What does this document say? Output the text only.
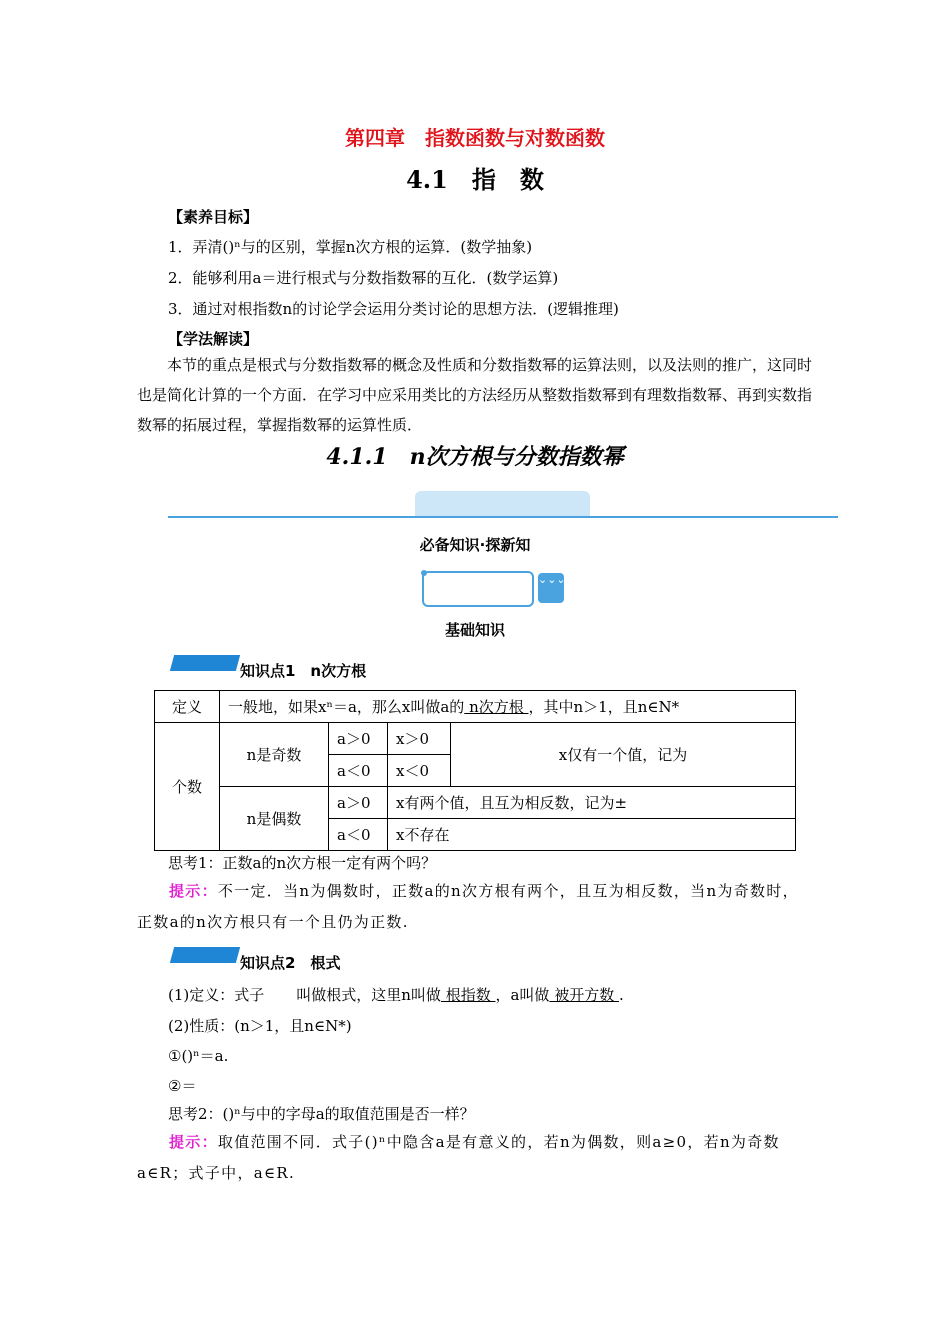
第四章　指数函数与对数函数
4.1　指　数
【素养目标】
1．弄清()ⁿ与的区别，掌握n次方根的运算．(数学抽象)
2．能够利用a＝进行根式与分数指数幂的互化．(数学运算)
3．通过对根指数n的讨论学会运用分类讨论的思想方法．(逻辑推理)
【学法解读】
本节的重点是根式与分数指数幂的概念及性质和分数指数幂的运算法则，以及法则的推广，这同时也是简化计算的一个方面．在学习中应采用类比的方法经历从整数指数幂到有理数指数幂、再到实数指数幂的拓展过程，掌握指数幂的运算性质．
4.1.1　n次方根与分数指数幂
必备知识·探新知
⌄⌄⌄
基础知识
知识点1　n次方根
定义	一般地，如果xⁿ＝a，那么x叫做a的 n次方根 ，其中n＞1，且n∈N*			
个数	n是奇数	a＞0	x＞0	x仅有一个值，记为
		a＜0	x＜0	
	n是偶数	a＞0	x有两个值，且互为相反数，记为±	
		a＜0	x不存在	
思考1：正数a的n次方根一定有两个吗？
提示：不一定．当n为偶数时，正数a的n次方根有两个，且互为相反数，当n为奇数时，正数a的n次方根只有一个且仍为正数.
知识点2　根式
(1)定义：式子 叫做根式，这里n叫做 根指数 ，a叫做 被开方数 .
(2)性质：(n＞1，且n∈N*)
①()ⁿ＝a.
②＝
思考2：()ⁿ与中的字母a的取值范围是否一样？
提示：取值范围不同．式子()ⁿ中隐含a是有意义的，若n为偶数，则a≥0，若n为奇数a∈R；式子中，a∈R.
